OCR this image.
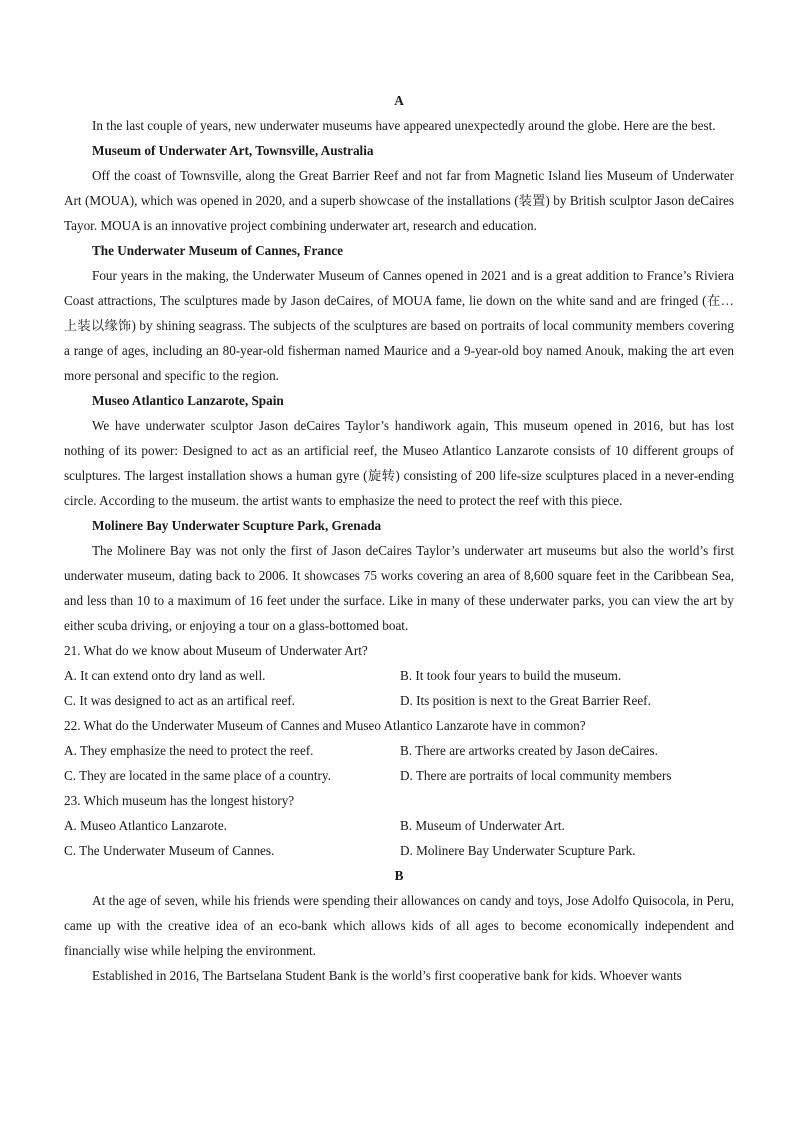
A

In the last couple of years, new underwater museums have appeared unexpectedly around the globe. Here are the best.

Museum of Underwater Art, Townsville, Australia

Off the coast of Townsville, along the Great Barrier Reef and not far from Magnetic Island lies Museum of Underwater Art (MOUA), which was opened in 2020, and a superb showcase of the installations (装置) by British sculptor Jason deCaires Tayor. MOUA is an innovative project combining underwater art, research and education.

The Underwater Museum of Cannes, France

Four years in the making, the Underwater Museum of Cannes opened in 2021 and is a great addition to France’s Riviera Coast attractions, The sculptures made by Jason deCaires, of MOUA fame, lie down on the white sand and are fringed (在…上装以缘饰) by shining seagrass. The subjects of the sculptures are based on portraits of local community members covering a range of ages, including an 80-year-old fisherman named Maurice and a 9-year-old boy named Anouk, making the art even more personal and specific to the region.

Museo Atlantico Lanzarote, Spain

We have underwater sculptor Jason deCaires Taylor’s handiwork again, This museum opened in 2016, but has lost nothing of its power: Designed to act as an artificial reef, the Museo Atlantico Lanzarote consists of 10 different groups of sculptures. The largest installation shows a human gyre (旋转) consisting of 200 life-size sculptures placed in a never-ending circle. According to the museum. the artist wants to emphasize the need to protect the reef with this piece.

Molinere Bay Underwater Scupture Park, Grenada

The Molinere Bay was not only the first of Jason deCaires Taylor’s underwater art museums but also the world’s first underwater museum, dating back to 2006. It showcases 75 works covering an area of 8,600 square feet in the Caribbean Sea, and less than 10 to a maximum of 16 feet under the surface. Like in many of these underwater parks, you can view the art by either scuba driving, or enjoying a tour on a glass-bottomed boat.

21. What do we know about Museum of Underwater Art?

A. It can extend onto dry land as well.	B. It took four years to build the museum.
C. It was designed to act as an artifical reef.	D. Its position is next to the Great Barrier Reef.

22. What do the Underwater Museum of Cannes and Museo Atlantico Lanzarote have in common?

A. They emphasize the need to protect the reef.	B. There are artworks created by Jason deCaires.
C. They are located in the same place of a country.	D. There are portraits of local community members

23. Which museum has the longest history?

A. Museo Atlantico Lanzarote.	B. Museum of Underwater Art.
C. The Underwater Museum of Cannes.	D. Molinere Bay Underwater Scupture Park.

B

At the age of seven, while his friends were spending their allowances on candy and toys, Jose Adolfo Quisocola, in Peru, came up with the creative idea of an eco-bank which allows kids of all ages to become economically independent and financially wise while helping the environment.

Established in 2016, The Bartselana Student Bank is the world’s first cooperative bank for kids. Whoever wants
